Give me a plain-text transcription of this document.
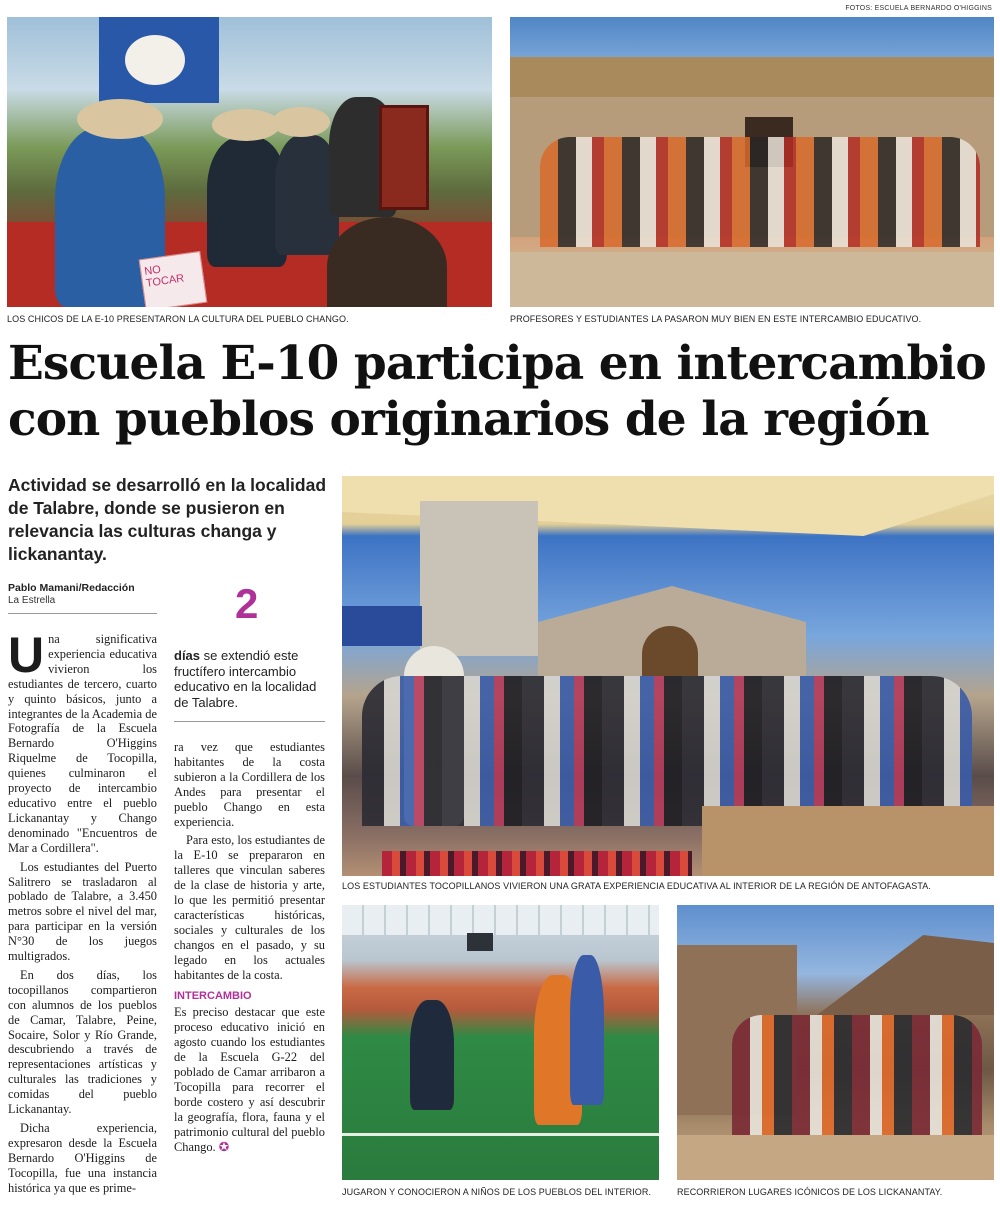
FOTOS: ESCUELA BERNARDO O'HIGGINS
NO TOCAR
LOS CHICOS DE LA E-10 PRESENTARON LA CULTURA DEL PUEBLO CHANGO.	PROFESORES Y ESTUDIANTES LA PASARON MUY BIEN EN ESTE INTERCAMBIO EDUCATIVO.
Escuela E-10 participa en intercambio
con pueblos originarios de la región
Actividad se desarrolló en la localidad de Talabre, donde se pusieron en relevancia las culturas changa y lickanantay.
Pablo Mamani/Redacción
La Estrella	2
días se extendió este fructífero intercambio educativo en la localidad de Talabre.

Una significativa experiencia educativa vivieron los estudiantes de tercero, cuarto y quinto básicos, junto a integrantes de la Academia de Fotografía de la Escuela Bernardo O'Higgins Riquelme de Tocopilla, quienes culminaron el proyecto de intercambio educativo entre el pueblo Lickanantay y Chango denominado "Encuentros de Mar a Cordillera".

Los estudiantes del Puerto Salitrero se trasladaron al poblado de Talabre, a 3.450 metros sobre el nivel del mar, para participar en la versión N°30 de los juegos multigrados.

En dos días, los tocopillanos compartieron con alumnos de los pueblos de Camar, Talabre, Peine, Socaire, Solor y Río Grande, descubriendo a través de representaciones artísticas y culturales las tradiciones y comidas del pueblo Lickanantay.

Dicha experiencia, expresaron desde la Escuela Bernardo O'Higgins de Tocopilla, fue una instancia histórica ya que es prime-

ra vez que estudiantes habitantes de la costa subieron a la Cordillera de los Andes para presentar el pueblo Chango en esta experiencia.

Para esto, los estudiantes de la E-10 se prepararon en talleres que vinculan saberes de la clase de historia y arte, lo que les permitió presentar características históricas, sociales y culturales de los changos en el pasado, y su legado en los actuales habitantes de la costa.

INTERCAMBIO

Es preciso destacar que este proceso educativo inició en agosto cuando los estudiantes de la Escuela G-22 del poblado de Camar arribaron a Tocopilla para recorrer el borde costero y así descubrir la geografía, flora, fauna y el patrimonio cultural del pueblo Chango. ✪

LOS ESTUDIANTES TOCOPILLANOS VIVIERON UNA GRATA EXPERIENCIA EDUCATIVA AL INTERIOR DE LA REGIÓN DE ANTOFAGASTA.
JUGARON Y CONOCIERON A NIÑOS DE LOS PUEBLOS DEL INTERIOR.	RECORRIERON LUGARES ICÓNICOS DE LOS LICKANANTAY.
